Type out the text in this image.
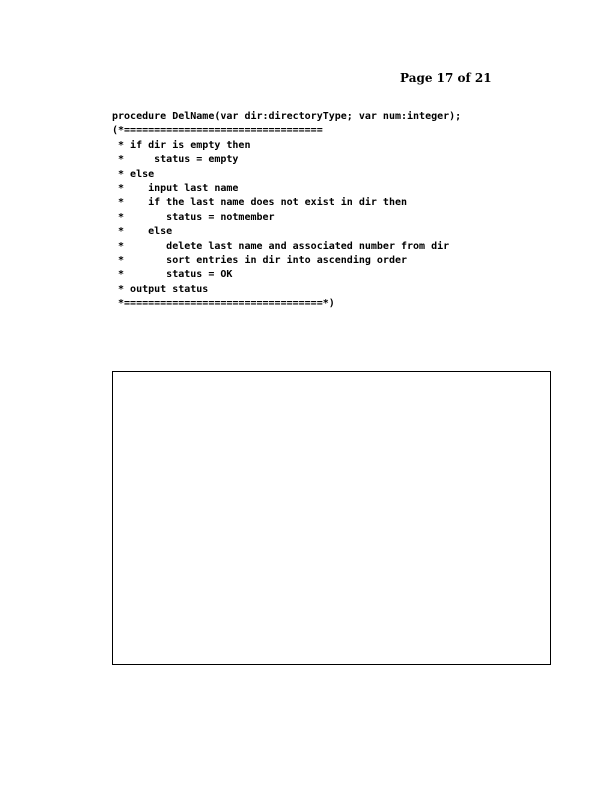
Page 17 of 21
procedure DelName(var dir:directoryType; var num:integer);
(*=================================
* if dir is empty then
*     status = empty
* else
*    input last name
*    if the last name does not exist in dir then
*       status = notmember
*    else
*       delete last name and associated number from dir
*       sort entries in dir into ascending order
*       status = OK
* output status
*=================================*)
